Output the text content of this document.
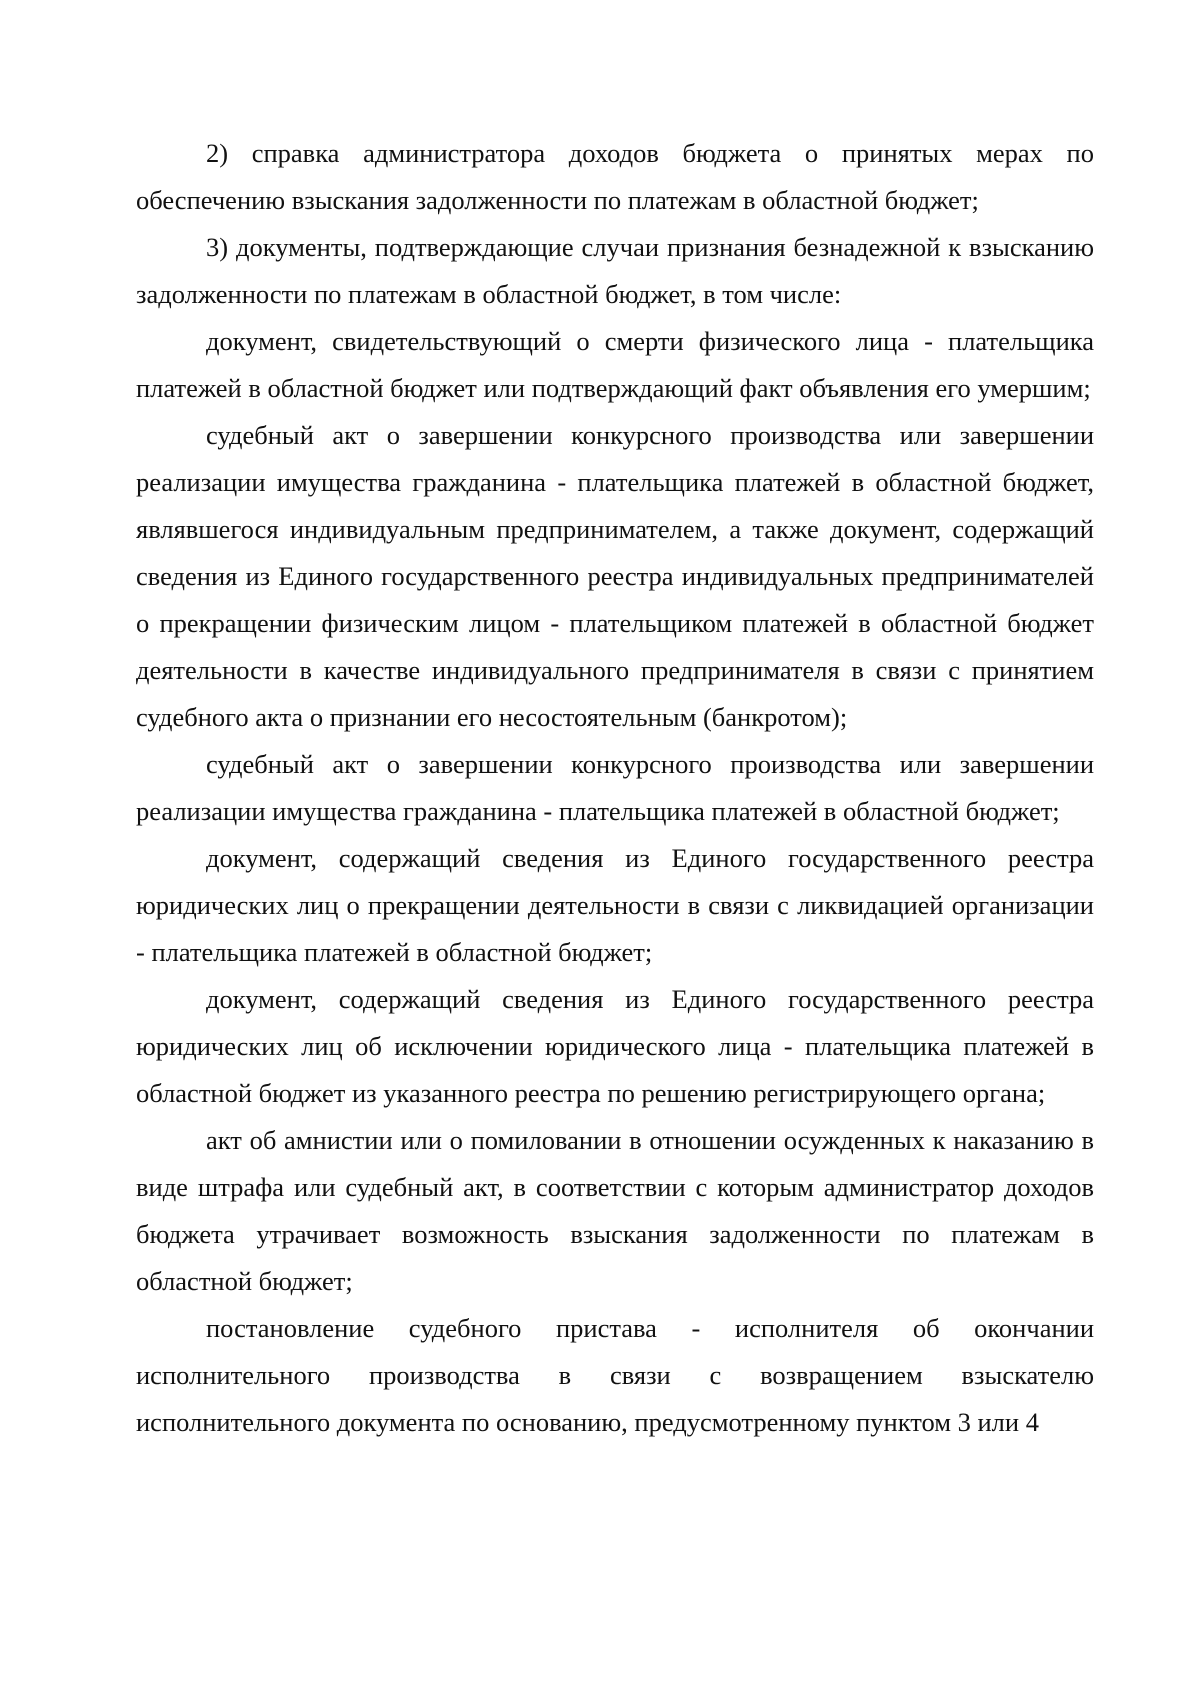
2) справка администратора доходов бюджета о принятых мерах по обеспечению взыскания задолженности по платежам в областной бюджет;

3) документы, подтверждающие случаи признания безнадежной к взысканию задолженности по платежам в областной бюджет, в том числе:

документ, свидетельствующий о смерти физического лица - плательщика платежей в областной бюджет или подтверждающий факт объявления его умершим;

судебный акт о завершении конкурсного производства или завершении реализации имущества гражданина - плательщика платежей в областной бюджет, являвшегося индивидуальным предпринимателем, а также документ, содержащий сведения из Единого государственного реестра индивидуальных предпринимателей о прекращении физическим лицом - плательщиком платежей в областной бюджет деятельности в качестве индивидуального предпринимателя в связи с принятием судебного акта о признании его несостоятельным (банкротом);

судебный акт о завершении конкурсного производства или завершении реализации имущества гражданина - плательщика платежей в областной бюджет;

документ, содержащий сведения из Единого государственного реестра юридических лиц о прекращении деятельности в связи с ликвидацией организации - плательщика платежей в областной бюджет;

документ, содержащий сведения из Единого государственного реестра юридических лиц об исключении юридического лица - плательщика платежей в областной бюджет из указанного реестра по решению регистрирующего органа;

акт об амнистии или о помиловании в отношении осужденных к наказанию в виде штрафа или судебный акт, в соответствии с которым администратор доходов бюджета утрачивает возможность взыскания задолженности по платежам в областной бюджет;

постановление судебного пристава - исполнителя об окончании исполнительного производства в связи с возвращением взыскателю исполнительного документа по основанию, предусмотренному пунктом 3 или 4
